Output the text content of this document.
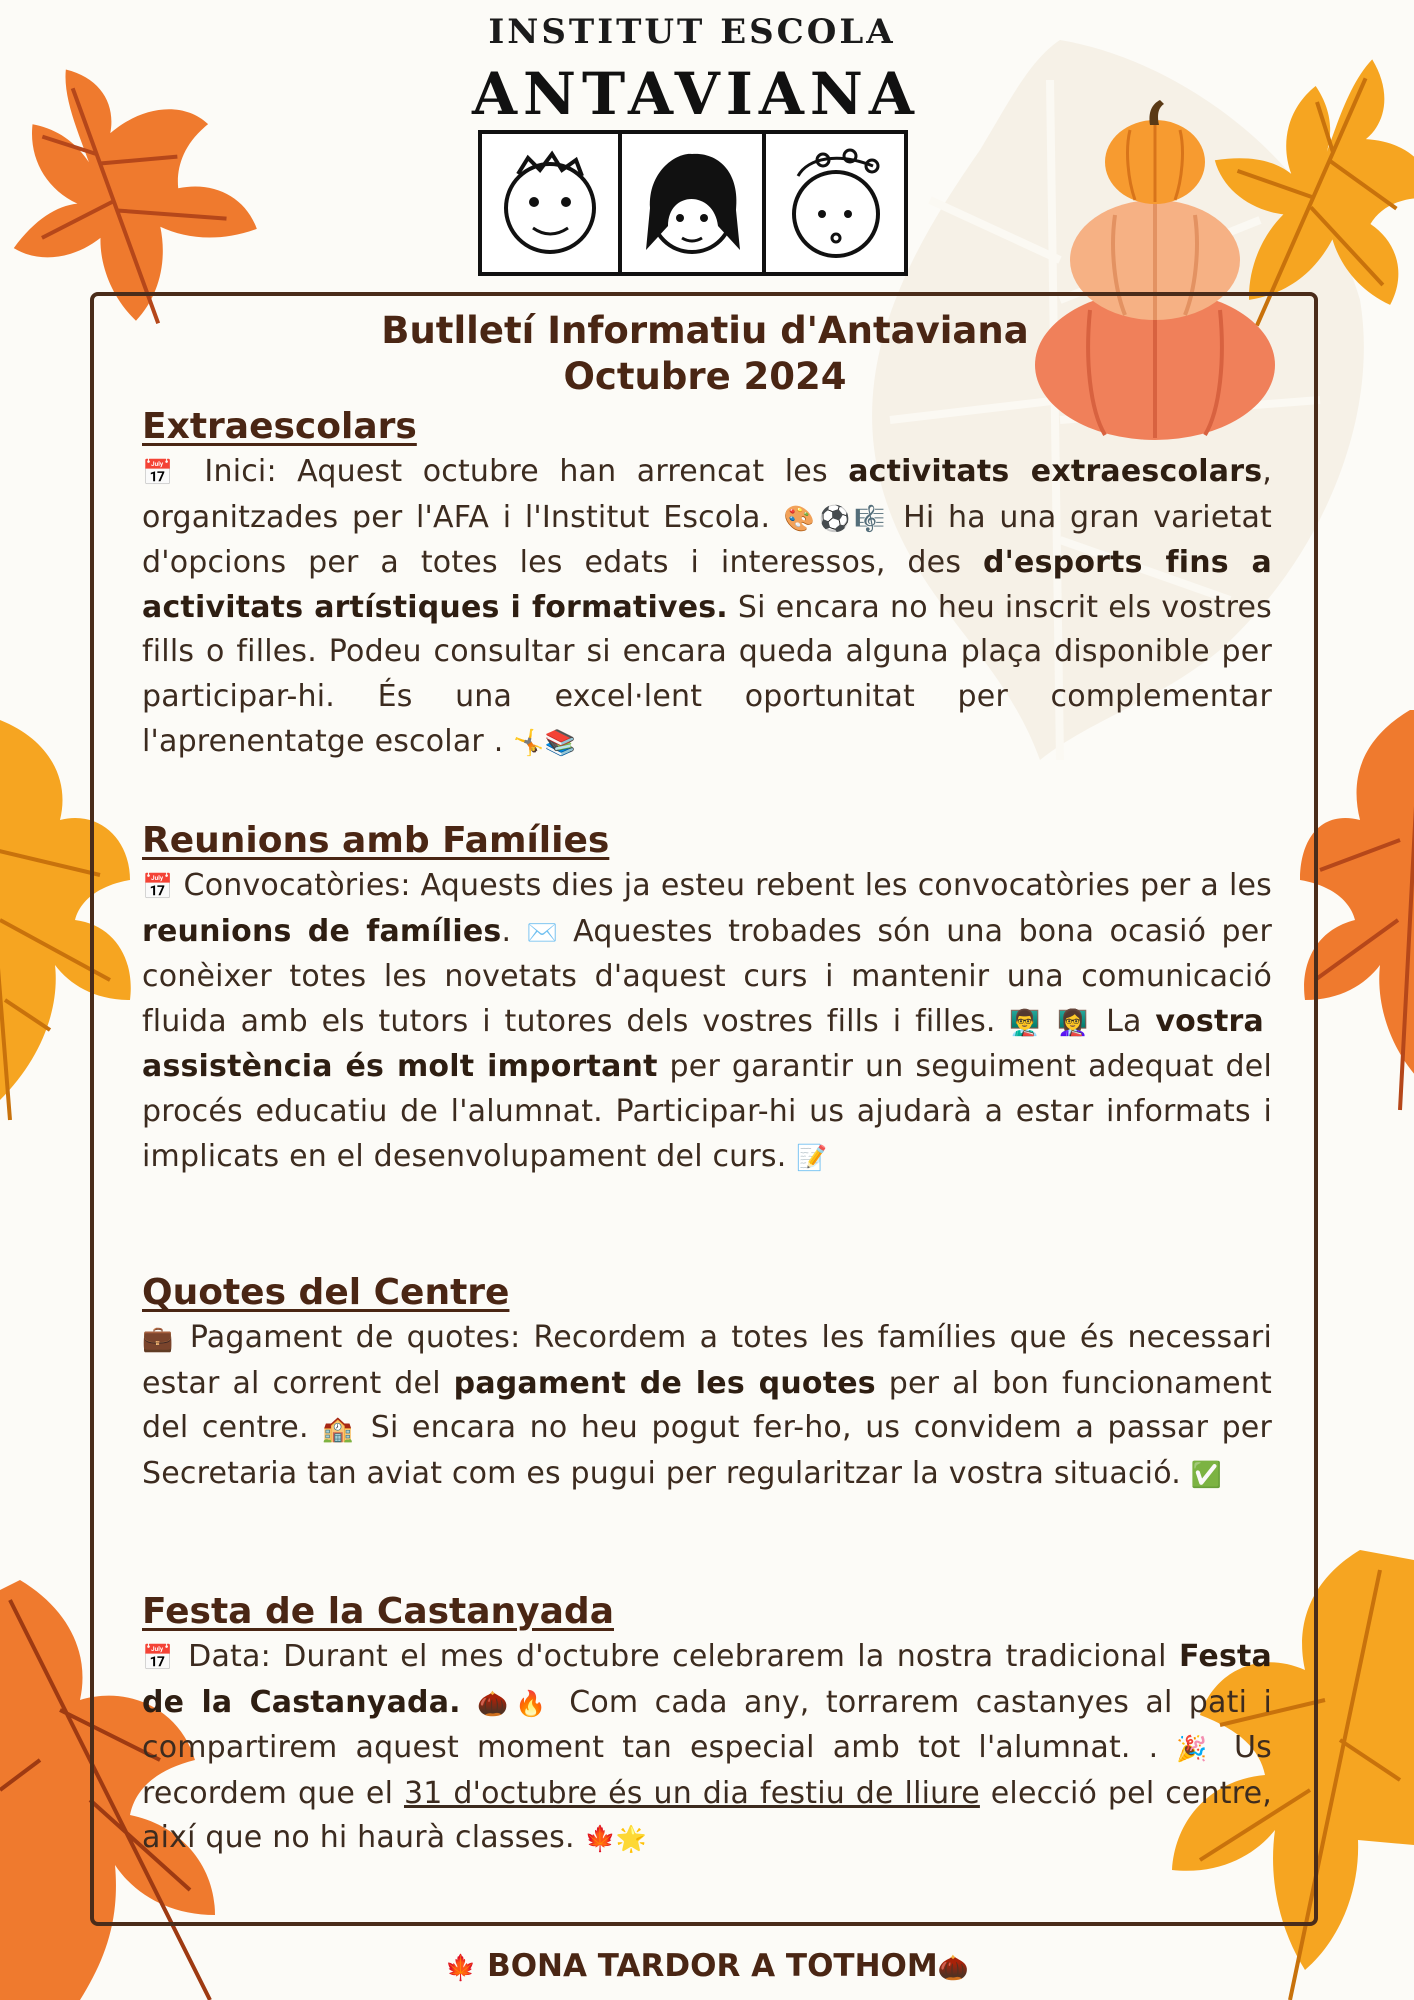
INSTITUT ESCOLA
ANTAVIANA
Butlletí Informatiu d'Antaviana
Octubre 2024
Extraescolars
📅 Inici: Aquest octubre han arrencat les activitats extraescolars, organitzades per l'AFA i l'Institut Escola. 🎨⚽🎼 Hi ha una gran varietat d'opcions per a totes les edats i interessos, des d'esports fins a activitats artístiques i formatives. Si encara no heu inscrit els vostres fills o filles. Podeu consultar si encara queda alguna plaça disponible per participar-hi. És una excel·lent oportunitat per complementar l'aprenentatge escolar . 🤸📚
Reunions amb Famílies
📅 Convocatòries: Aquests dies ja esteu rebent les convocatòries per a les reunions de famílies. ✉️ Aquestes trobades són una bona ocasió per conèixer totes les novetats d'aquest curs i mantenir una comunicació fluida amb els tutors i tutores dels vostres fills i filles. 👨‍🏫 👩‍🏫 La vostra assistència és molt important per garantir un seguiment adequat del procés educatiu de l'alumnat. Participar-hi us ajudarà a estar informats i implicats en el desenvolupament del curs. 📝
Quotes del Centre
💼 Pagament de quotes: Recordem a totes les famílies que és necessari estar al corrent del pagament de les quotes per al bon funcionament del centre. 🏫 Si encara no heu pogut fer-ho, us convidem a passar per Secretaria tan aviat com es pugui per regularitzar la vostra situació. ✅
Festa de la Castanyada
📅 Data: Durant el mes d'octubre celebrarem la nostra tradicional Festa de la Castanyada. 🌰🔥 Com cada any, torrarem castanyes al pati i compartirem aquest moment tan especial amb tot l'alumnat. . 🎉 Us recordem que el 31 d'octubre és un dia festiu de lliure elecció pel centre, així que no hi haurà classes. 🍁🌟
🍁 BONA TARDOR A TOTHOM🌰
